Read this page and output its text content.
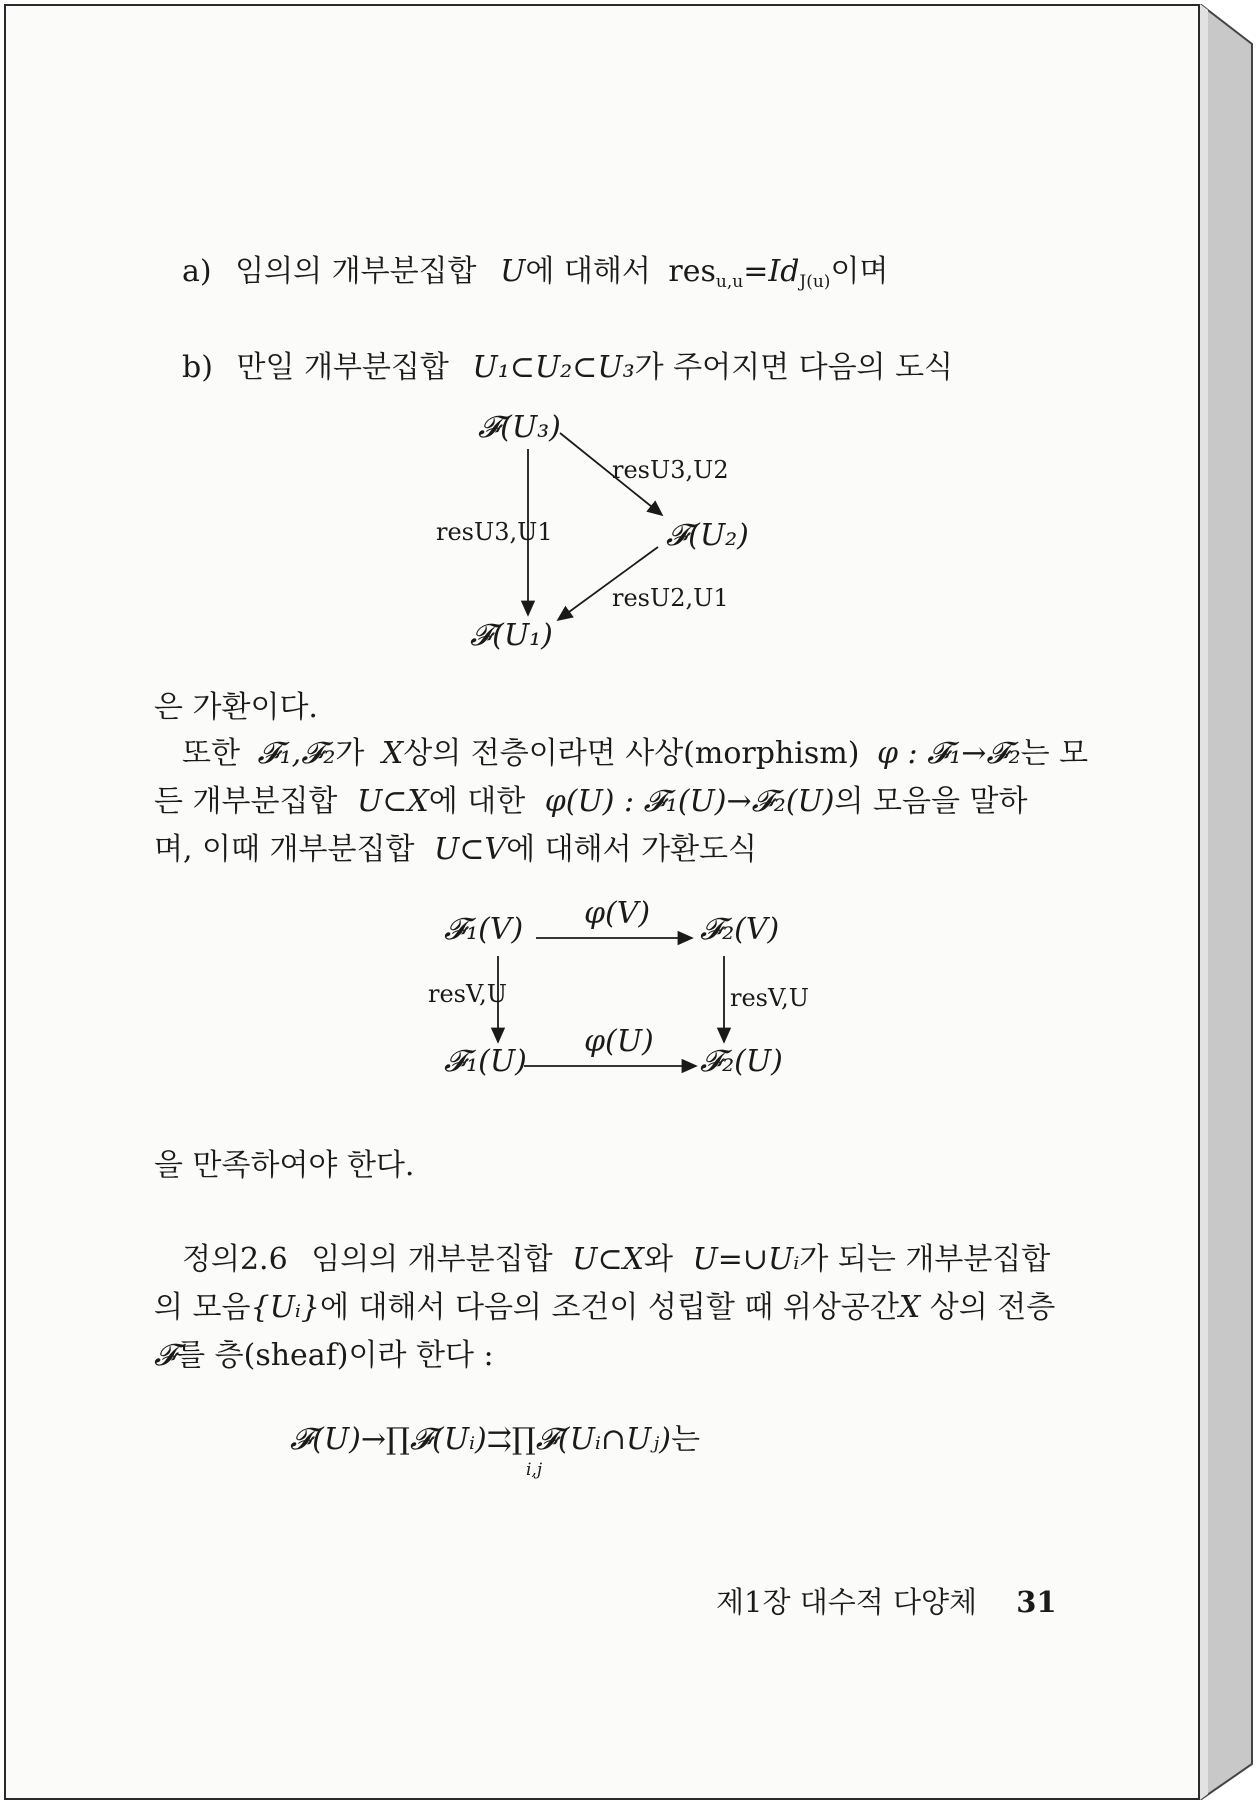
a) 임의의 개부분집합 U에 대해서 $res_{u,u}=Id_{J(u)}$이며
b) 만일 개부분집합 U₁⊂U₂⊂U₃가 주어지면 다음의 도식
𝓕(U₃)
𝓕(U₂)
𝓕(U₁)
resU3,U2
resU3,U1
resU2,U1
은 가환이다.
또한 𝓕₁,𝓕₂가 X상의 전층이라면 사상(morphism) φ : 𝓕₁→𝓕₂는 모
든 개부분집합 U⊂X에 대한 φ(U) : 𝓕₁(U)→𝓕₂(U)의 모음을 말하
며, 이때 개부분집합 U⊂V에 대해서 가환도식
𝓕₁(V)	𝓕₂(V)
𝓕₁(U)	𝓕₂(U)
φ(V)
φ(U)
resV,U	resV,U
을 만족하여야 한다.
정의2.6 임의의 개부분집합 U⊂X와 U=∪Uᵢ가 되는 개부분집합
의 모음{Uᵢ}에 대해서 다음의 조건이 성립할 때 위상공간X 상의 전층
𝓕를 층(sheaf)이라 한다 :
𝓕(U)→∏𝓕(Uᵢ)⇉∏𝓕(Uᵢ∩Uⱼ)는
i,j
제1장 대수적 다양체 31
